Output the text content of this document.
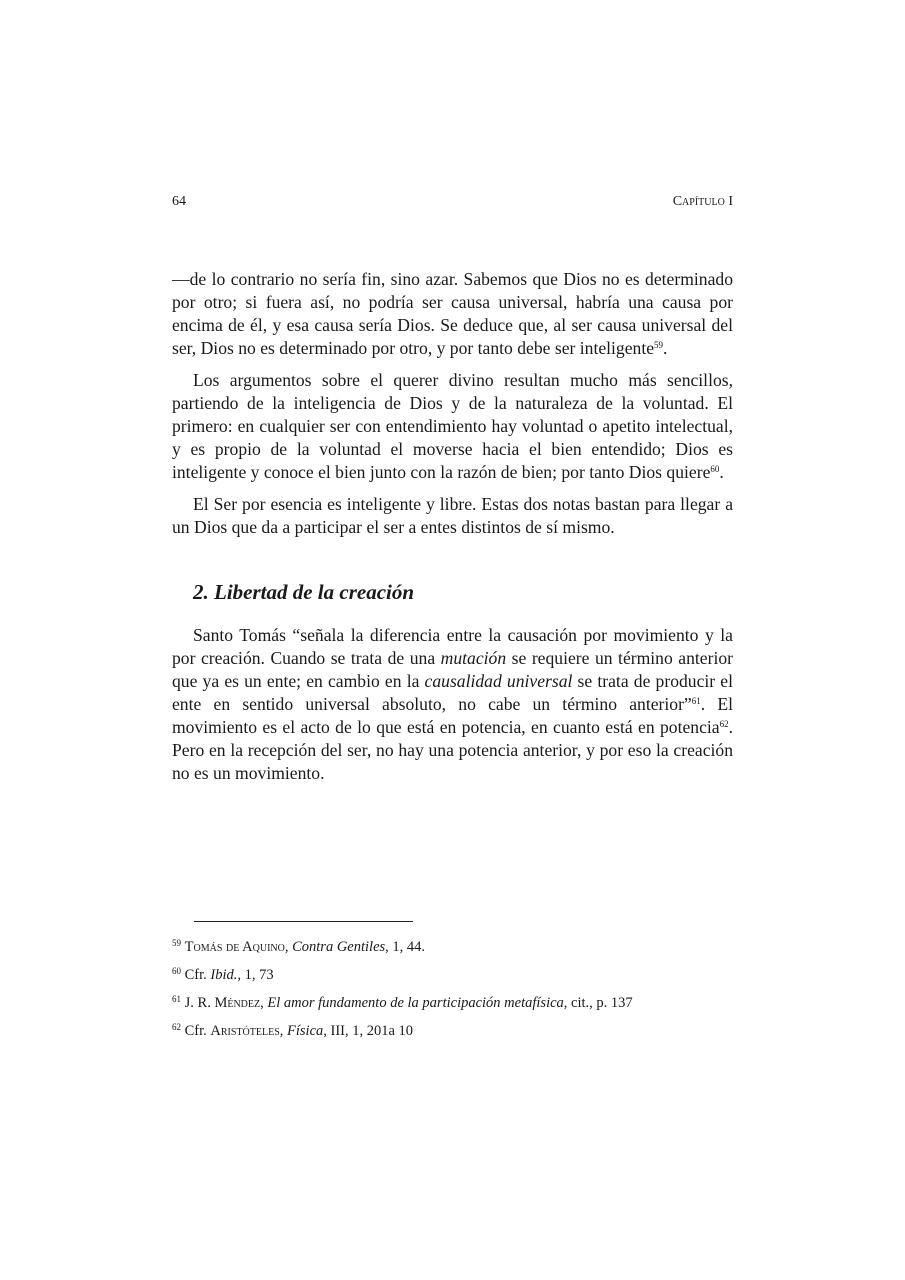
64	Capítulo I

—de lo contrario no sería fin, sino azar. Sabemos que Dios no es determinado por otro; si fuera así, no podría ser causa universal, habría una causa por encima de él, y esa causa sería Dios. Se deduce que, al ser causa universal del ser, Dios no es determinado por otro, y por tanto debe ser inteligente$^{59}$.

Los argumentos sobre el querer divino resultan mucho más sencillos, partiendo de la inteligencia de Dios y de la naturaleza de la voluntad. El primero: en cualquier ser con entendimiento hay voluntad o apetito intelectual, y es propio de la voluntad el moverse hacia el bien entendido; Dios es inteligente y conoce el bien junto con la razón de bien; por tanto Dios quiere$^{60}$.

El Ser por esencia es inteligente y libre. Estas dos notas bastan para llegar a un Dios que da a participar el ser a entes distintos de sí mismo.

2. Libertad de la creación

Santo Tomás “señala la diferencia entre la causación por movimiento y la por creación. Cuando se trata de una mutación se requiere un término anterior que ya es un ente; en cambio en la causalidad universal se trata de producir el ente en sentido universal absoluto, no cabe un término anterior”$^{61}$. El movimiento es el acto de lo que está en potencia, en cuanto está en potencia$^{62}$. Pero en la recepción del ser, no hay una potencia anterior, y por eso la creación no es un movimiento.

$^{59}$ Tomás de Aquino, Contra Gentiles, 1, 44.
$^{60}$ Cfr. Ibid., 1, 73
$^{61}$ J. R. Méndez, El amor fundamento de la participación metafísica, cit., p. 137
$^{62}$ Cfr. Aristóteles, Física, III, 1, 201a 10
